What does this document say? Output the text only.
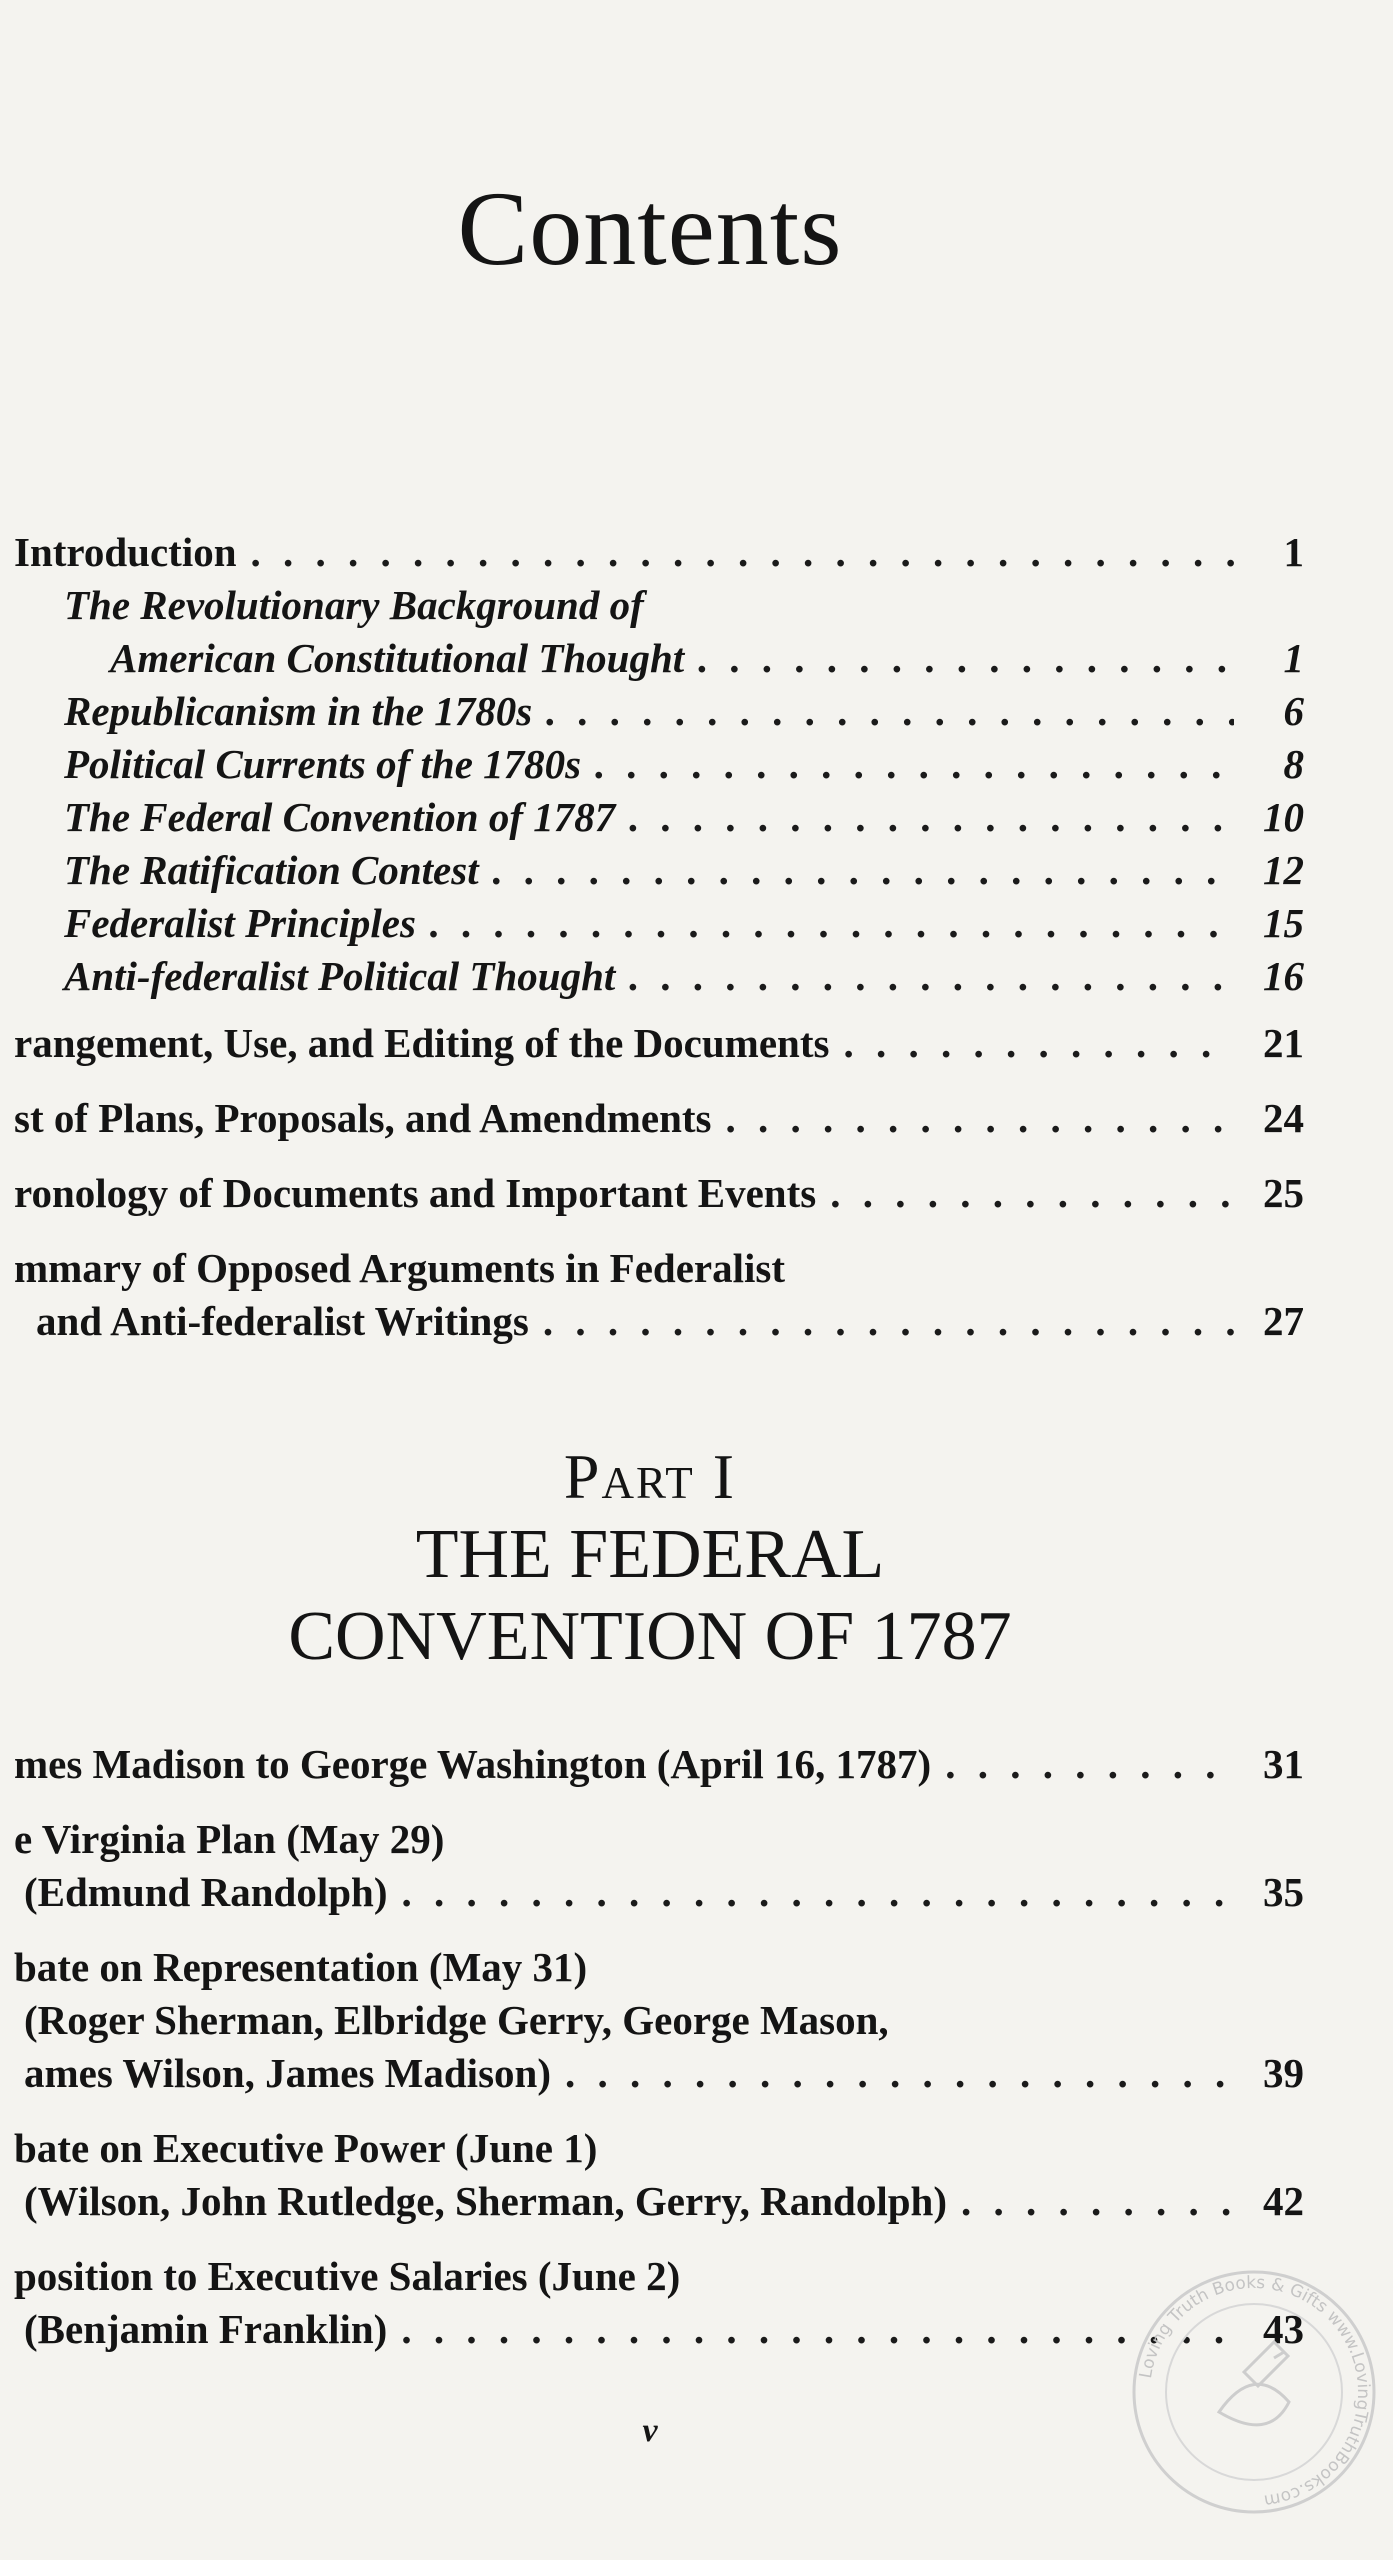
Contents
Introduction . . .	1
The Revolutionary Background of
American Constitutional Thought . . .	1
Republicanism in the 1780s . . .	6
Political Currents of the 1780s . . .	8
The Federal Convention of 1787 . . .	10
The Ratification Contest . . .	12
Federalist Principles . . .	15
Anti-federalist Political Thought . . .	16
rangement, Use, and Editing of the Documents . . .	21
st of Plans, Proposals, and Amendments . . .	24
ronology of Documents and Important Events . . .	25
mmary of Opposed Arguments in Federalist
and Anti-federalist Writings . . .	27
Part I
THE FEDERAL
CONVENTION OF 1787
mes Madison to George Washington (April 16, 1787) . . .	31
e Virginia Plan (May 29)
(Edmund Randolph) . . .	35
bate on Representation (May 31)
(Roger Sherman, Elbridge Gerry, George Mason,
ames Wilson, James Madison) . . .	39
bate on Executive Power (June 1)
(Wilson, John Rutledge, Sherman, Gerry, Randolph) . . .	42
position to Executive Salaries (June 2)
(Benjamin Franklin) . . .	43
v
Loving Truth Books & Gifts www.LovingTruthBooks.com
